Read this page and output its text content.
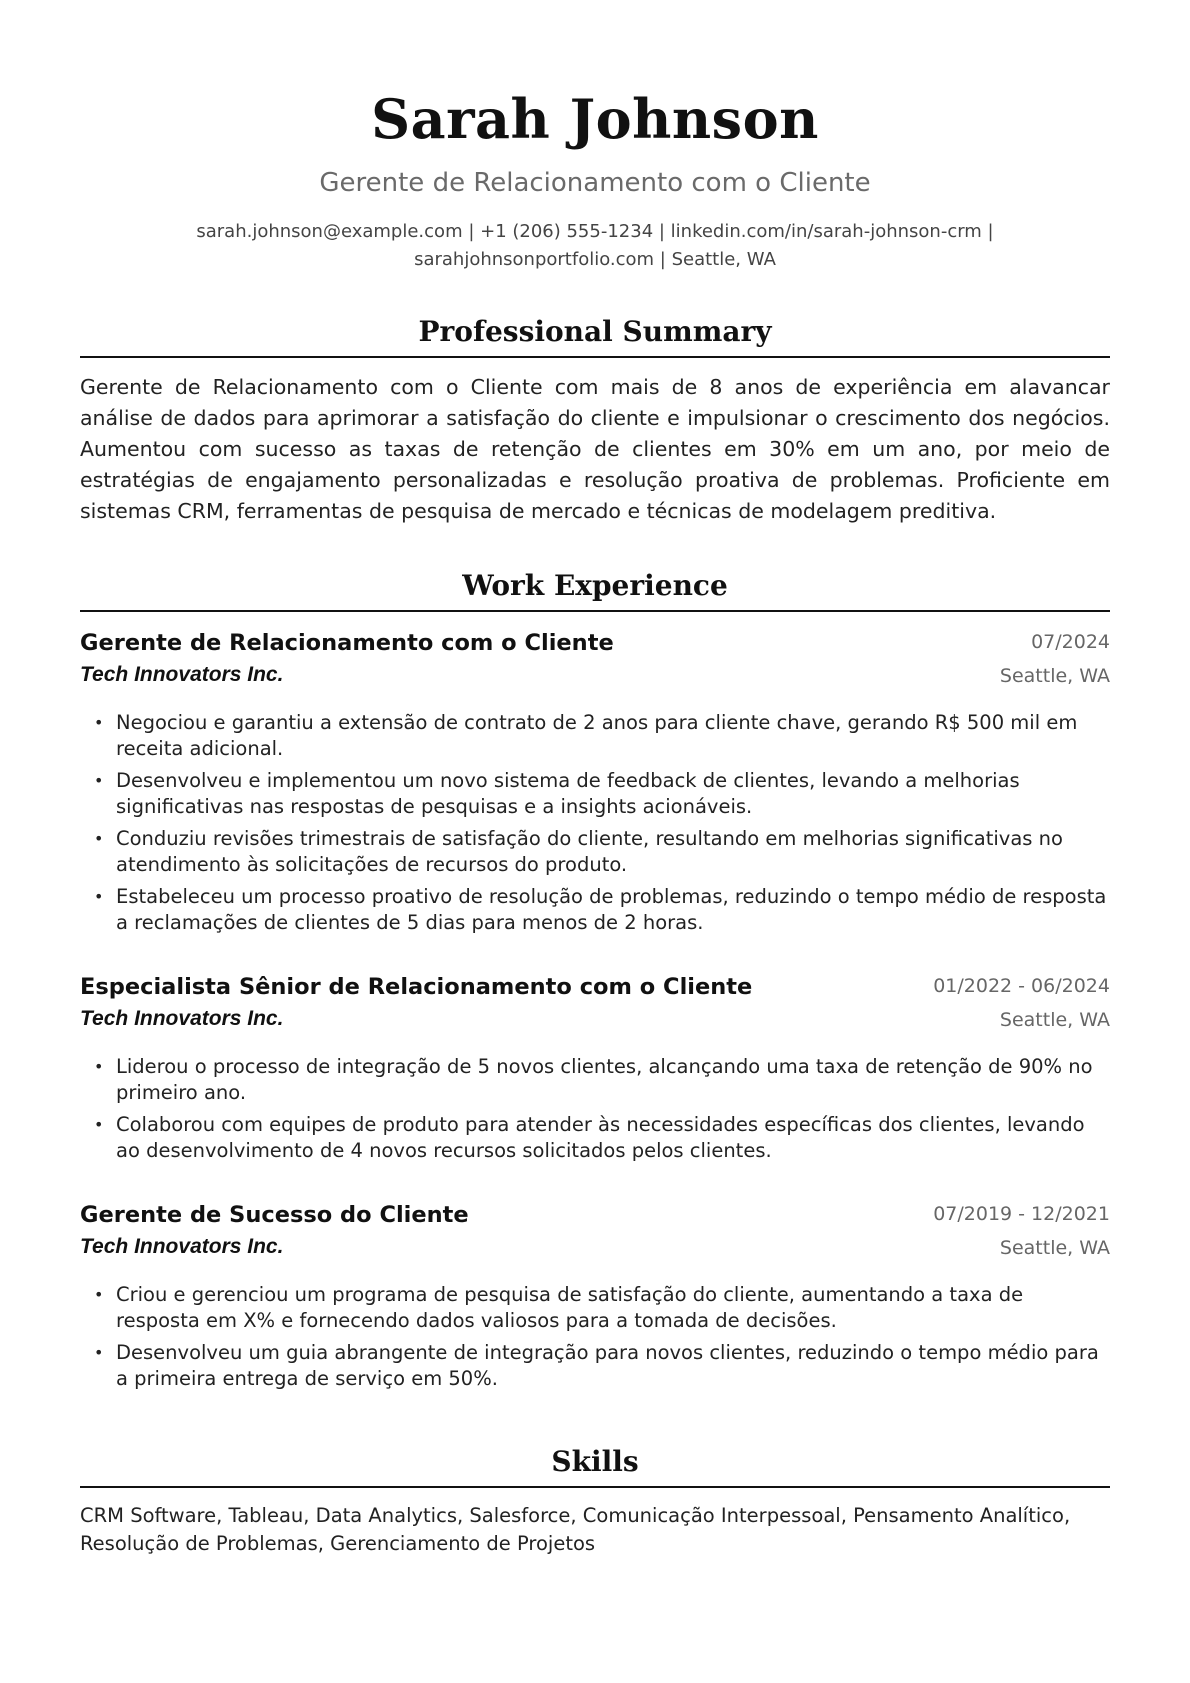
Sarah Johnson
Gerente de Relacionamento com o Cliente
sarah.johnson@example.com | +1 (206) 555-1234 | linkedin.com/in/sarah-johnson-crm |
sarahjohnsonportfolio.com | Seattle, WA
Professional Summary
Gerente de Relacionamento com o Cliente com mais de 8 anos de experiência em alavancar análise de dados para aprimorar a satisfação do cliente e impulsionar o crescimento dos negócios. Aumentou com sucesso as taxas de retenção de clientes em 30% em um ano, por meio de estratégias de engajamento personalizadas e resolução proativa de problemas. Proficiente em sistemas CRM, ferramentas de pesquisa de mercado e técnicas de modelagem preditiva.
Work Experience
Gerente de Relacionamento com o Cliente	07/2024
Tech Innovators Inc.	Seattle, WA
• Negociou e garantiu a extensão de contrato de 2 anos para cliente chave, gerando R$ 500 mil em receita adicional.
• Desenvolveu e implementou um novo sistema de feedback de clientes, levando a melhorias significativas nas respostas de pesquisas e a insights acionáveis.
• Conduziu revisões trimestrais de satisfação do cliente, resultando em melhorias significativas no atendimento às solicitações de recursos do produto.
• Estabeleceu um processo proativo de resolução de problemas, reduzindo o tempo médio de resposta a reclamações de clientes de 5 dias para menos de 2 horas.
Especialista Sênior de Relacionamento com o Cliente	01/2022 - 06/2024
Tech Innovators Inc.	Seattle, WA
• Liderou o processo de integração de 5 novos clientes, alcançando uma taxa de retenção de 90% no primeiro ano.
• Colaborou com equipes de produto para atender às necessidades específicas dos clientes, levando ao desenvolvimento de 4 novos recursos solicitados pelos clientes.
Gerente de Sucesso do Cliente	07/2019 - 12/2021
Tech Innovators Inc.	Seattle, WA
• Criou e gerenciou um programa de pesquisa de satisfação do cliente, aumentando a taxa de resposta em X% e fornecendo dados valiosos para a tomada de decisões.
• Desenvolveu um guia abrangente de integração para novos clientes, reduzindo o tempo médio para a primeira entrega de serviço em 50%.
Skills
CRM Software, Tableau, Data Analytics, Salesforce, Comunicação Interpessoal, Pensamento Analítico, Resolução de Problemas, Gerenciamento de Projetos
